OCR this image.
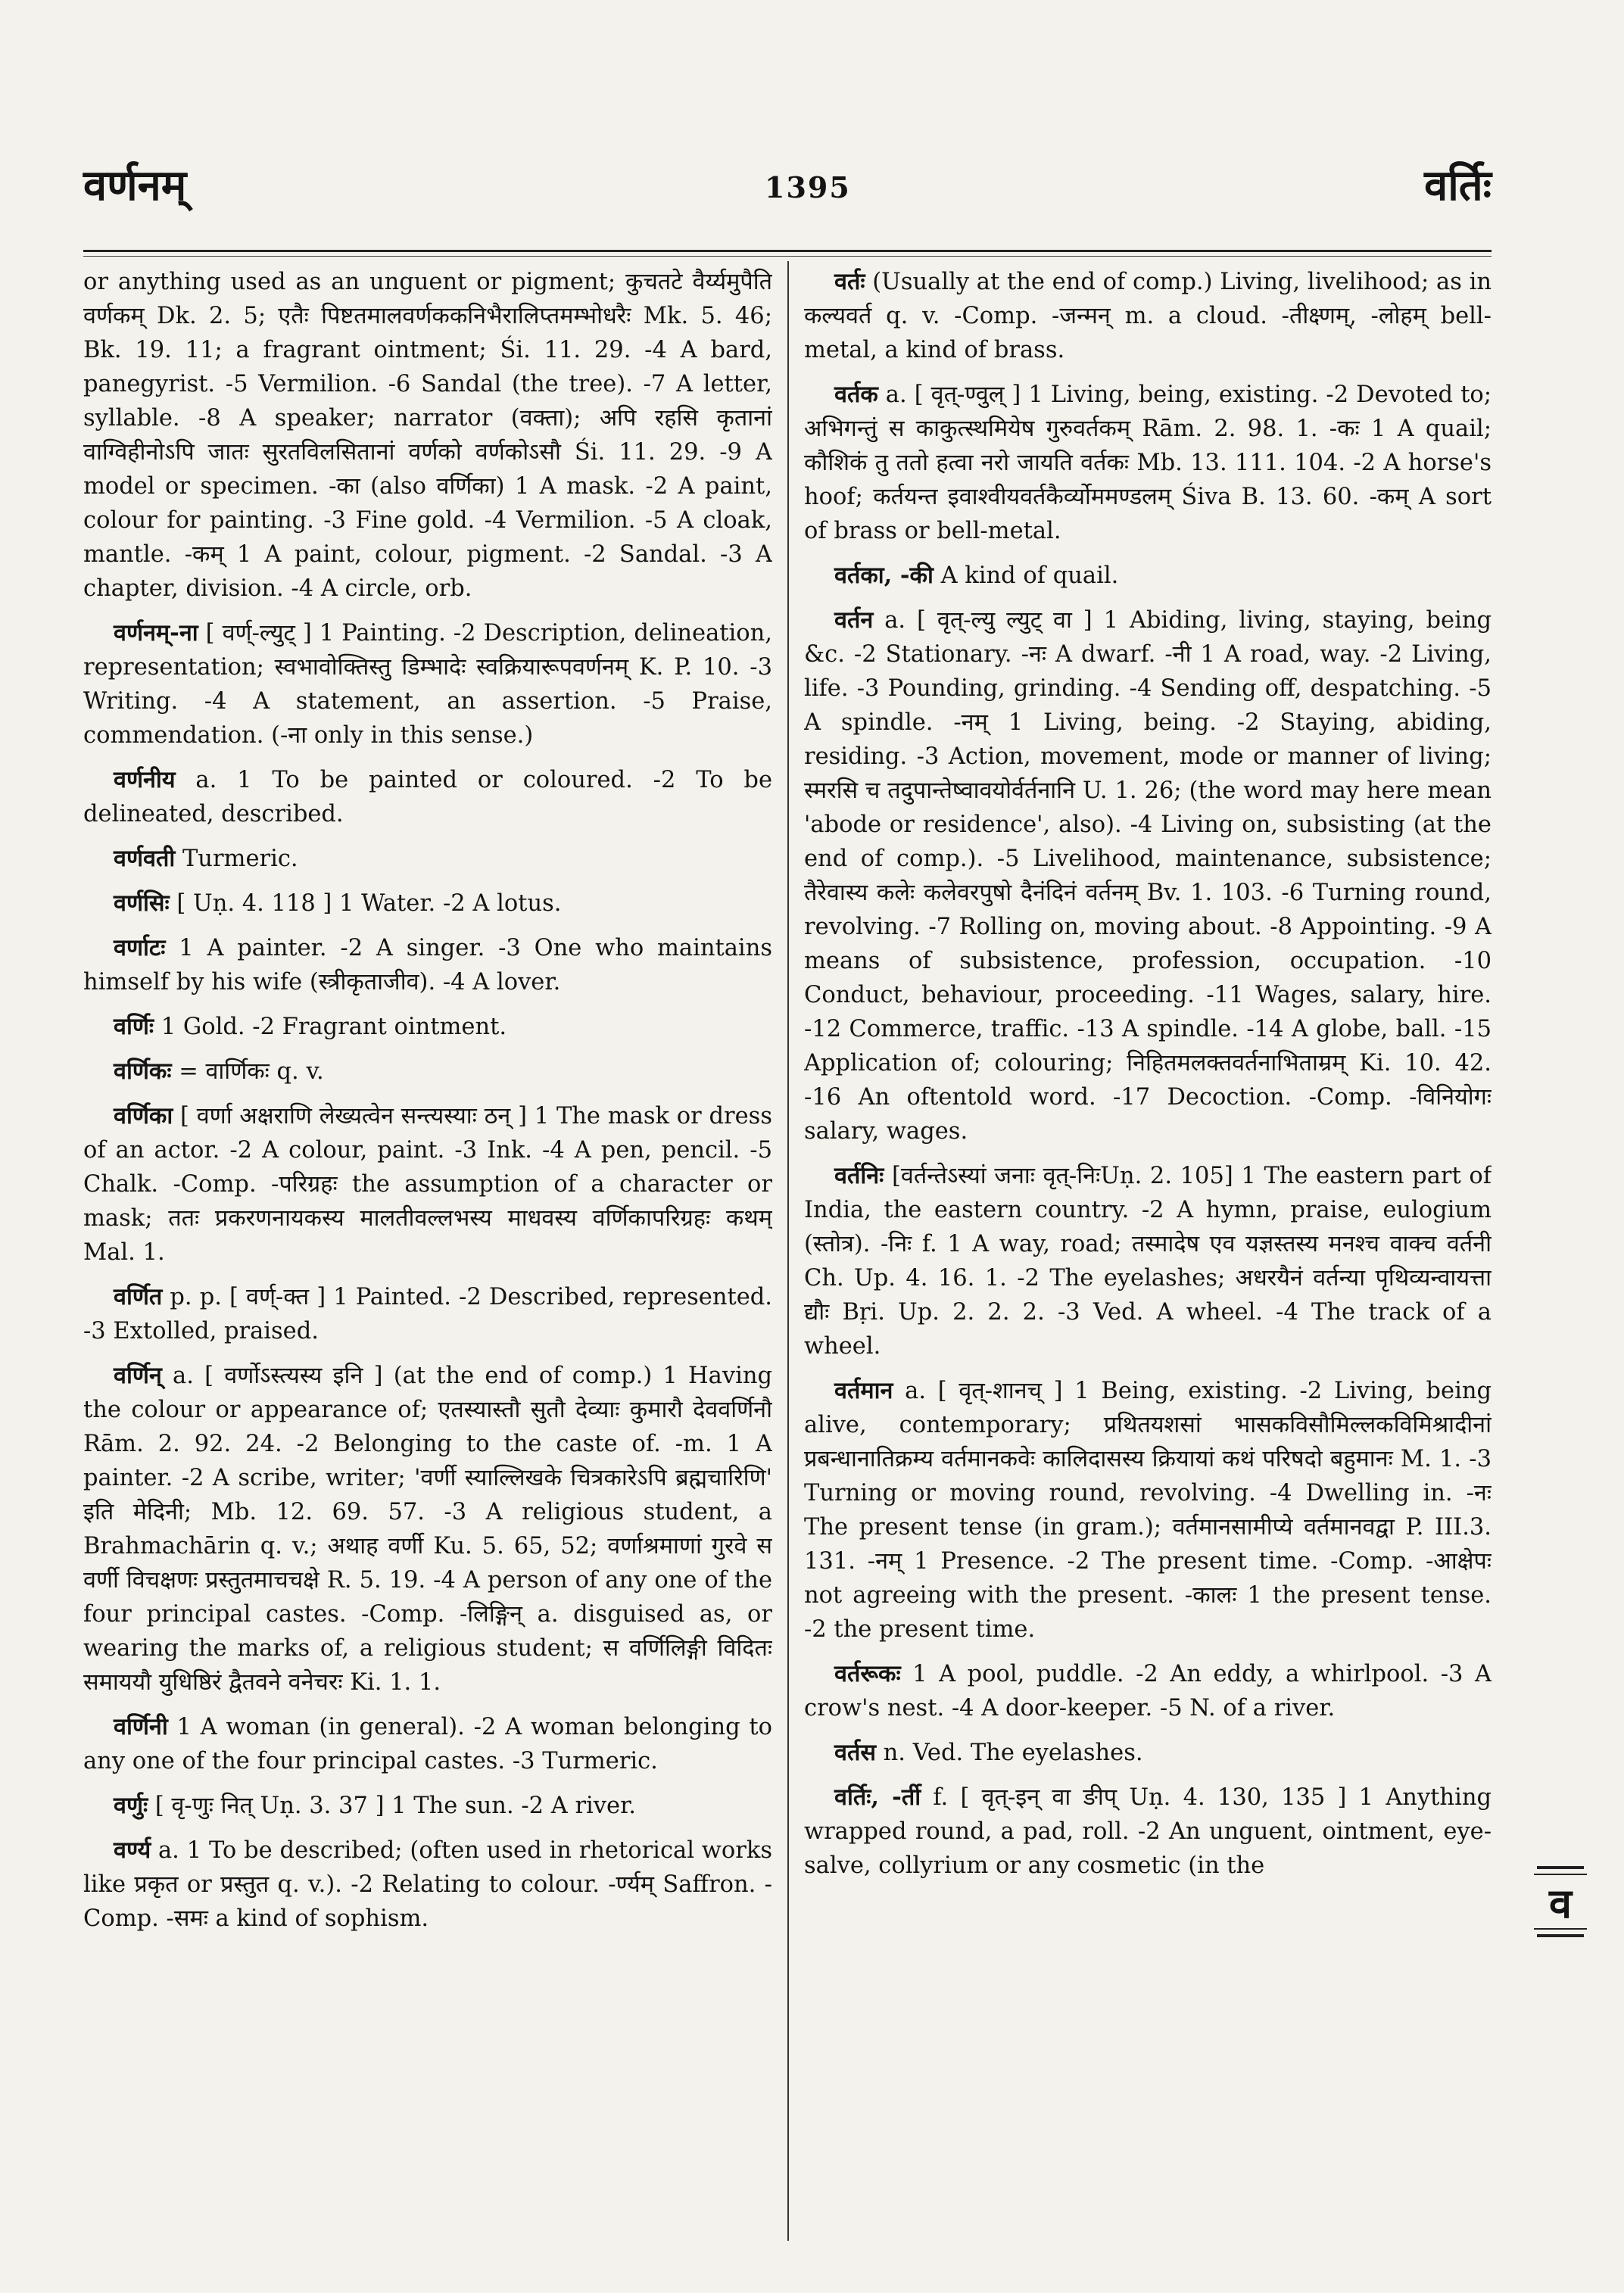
वर्णनम्	1395	वर्तिः

or anything used as an unguent or pigment; कुचतटे वैर्य्यमुपैति वर्णकम् Dk. 2. 5; एतैः पिष्टतमालवर्णककनिभैरालिप्तमम्भोधरैः Mk. 5. 46; Bk. 19. 11; a fragrant ointment; Śi. 11. 29. -4 A bard, panegyrist. -5 Vermilion. -6 Sandal (the tree). -7 A letter, syllable. -8 A speaker; narrator (वक्ता); अपि रहसि कृतानां वाग्विहीनोऽपि जातः सुरतविलसितानां वर्णको वर्णकोऽसौ Śi. 11. 29. -9 A model or specimen. -का (also वर्णिका) 1 A mask. -2 A paint, colour for painting. -3 Fine gold. -4 Vermilion. -5 A cloak, mantle. -कम् 1 A paint, colour, pigment. -2 Sandal. -3 A chapter, division. -4 A circle, orb.

वर्णनम्-ना [ वर्ण्-ल्युट् ] 1 Painting. -2 Description, delineation, representation; स्वभावोक्तिस्तु डिम्भादेः स्वक्रियारूपवर्णनम् K. P. 10. -3 Writing. -4 A statement, an assertion. -5 Praise, commendation. (-ना only in this sense.)

वर्णनीय a. 1 To be painted or coloured. -2 To be delineated, described.

वर्णवती Turmeric.

वर्णसिः [ Uṇ. 4. 118 ] 1 Water. -2 A lotus.

वर्णाटः 1 A painter. -2 A singer. -3 One who maintains himself by his wife (स्त्रीकृताजीव). -4 A lover.

वर्णिः 1 Gold. -2 Fragrant ointment.

वर्णिकः = वार्णिकः q. v.

वर्णिका [ वर्णा अक्षराणि लेख्यत्वेन सन्त्यस्याः ठन् ] 1 The mask or dress of an actor. -2 A colour, paint. -3 Ink. -4 A pen, pencil. -5 Chalk. -Comp. -परिग्रहः the assumption of a character or mask; ततः प्रकरणनायकस्य मालतीवल्लभस्य माधवस्य वर्णिकापरिग्रहः कथम् Mal. 1.

वर्णित p. p. [ वर्ण्-क्त ] 1 Painted. -2 Described, represented. -3 Extolled, praised.

वर्णिन् a. [ वर्णोऽस्त्यस्य इनि ] (at the end of comp.) 1 Having the colour or appearance of; एतस्यास्तौ सुतौ देव्याः कुमारौ देववर्णिनौ Rām. 2. 92. 24. -2 Belonging to the caste of. -m. 1 A painter. -2 A scribe, writer; 'वर्णी स्याल्लिखके चित्रकारेऽपि ब्रह्मचारिणि' इति मेदिनी; Mb. 12. 69. 57. -3 A religious student, a Brahmachārin q. v.; अथाह वर्णी Ku. 5. 65, 52; वर्णाश्रमाणां गुरवे स वर्णी विचक्षणः प्रस्तुतमाचचक्षे R. 5. 19. -4 A person of any one of the four principal castes. -Comp. -लिङ्गिन् a. disguised as, or wearing the marks of, a religious student; स वर्णिलिङ्गी विदितः समाययौ युधिष्ठिरं द्वैतवने वनेचरः Ki. 1. 1.

वर्णिनी 1 A woman (in general). -2 A woman belonging to any one of the four principal castes. -3 Turmeric.

वर्णुः [ वृ-णुः नित् Uṇ. 3. 37 ] 1 The sun. -2 A river.

वर्ण्य a. 1 To be described; (often used in rhetorical works like प्रकृत or प्रस्तुत q. v.). -2 Relating to colour. -र्ण्यम् Saffron. -Comp. -समः a kind of sophism.

वर्तः (Usually at the end of comp.) Living, livelihood; as in कल्यवर्त q. v. -Comp. -जन्मन् m. a cloud. -तीक्ष्णम्, -लोहम् bell-metal, a kind of brass.

वर्तक a. [ वृत्-ण्वुल् ] 1 Living, being, existing. -2 Devoted to; अभिगन्तुं स काकुत्स्थमियेष गुरुवर्तकम् Rām. 2. 98. 1. -कः 1 A quail; कौशिकं तु ततो हत्वा नरो जायति वर्तकः Mb. 13. 111. 104. -2 A horse's hoof; कर्तयन्त इवाश्वीयवर्तकैर्व्योममण्डलम् Śiva B. 13. 60. -कम् A sort of brass or bell-metal.

वर्तका, -की A kind of quail.

वर्तन a. [ वृत्-ल्यु ल्युट् वा ] 1 Abiding, living, staying, being &c. -2 Stationary. -नः A dwarf. -नी 1 A road, way. -2 Living, life. -3 Pounding, grinding. -4 Sending off, despatching. -5 A spindle. -नम् 1 Living, being. -2 Staying, abiding, residing. -3 Action, movement, mode or manner of living; स्मरसि च तदुपान्तेष्वावयोर्वर्तनानि U. 1. 26; (the word may here mean 'abode or residence', also). -4 Living on, subsisting (at the end of comp.). -5 Livelihood, maintenance, subsistence; तैरेवास्य कलेः कलेवरपुषो दैनंदिनं वर्तनम् Bv. 1. 103. -6 Turning round, revolving. -7 Rolling on, moving about. -8 Appointing. -9 A means of subsistence, profession, occupation. -10 Conduct, behaviour, proceeding. -11 Wages, salary, hire. -12 Commerce, traffic. -13 A spindle. -14 A globe, ball. -15 Application of; colouring; निहितमलक्तवर्तनाभिताम्रम् Ki. 10. 42. -16 An oftentold word. -17 Decoction. -Comp. -विनियोगः salary, wages.

वर्तनिः [वर्तन्तेऽस्यां जनाः वृत्-निःUṇ. 2. 105] 1 The eastern part of India, the eastern country. -2 A hymn, praise, eulogium (स्तोत्र). -निः f. 1 A way, road; तस्मादेष एव यज्ञस्तस्य मनश्च वाक्च वर्तनी Ch. Up. 4. 16. 1. -2 The eyelashes; अधरयैनं वर्तन्या पृथिव्यन्वायत्ता द्यौः Bṛi. Up. 2. 2. 2. -3 Ved. A wheel. -4 The track of a wheel.

वर्तमान a. [ वृत्-शानच् ] 1 Being, existing. -2 Living, being alive, contemporary; प्रथितयशसां भासकविसौमिल्लकविमिश्रादीनां प्रबन्धानातिक्रम्य वर्तमानकवेः कालिदासस्य क्रियायां कथं परिषदो बहुमानः M. 1. -3 Turning or moving round, revolving. -4 Dwelling in. -नः The present tense (in gram.); वर्तमानसामीप्ये वर्तमानवद्वा P. III.3. 131. -नम् 1 Presence. -2 The present time. -Comp. -आक्षेपः not agreeing with the present. -कालः 1 the present tense. -2 the present time.

वर्तरूकः 1 A pool, puddle. -2 An eddy, a whirlpool. -3 A crow's nest. -4 A door-keeper. -5 N. of a river.

वर्तस n. Ved. The eyelashes.

वर्तिः, -र्ती f. [ वृत्-इन् वा ङीप् Uṇ. 4. 130, 135 ] 1 Anything wrapped round, a pad, roll. -2 An unguent, ointment, eye-salve, collyrium or any cosmetic (in the

व
